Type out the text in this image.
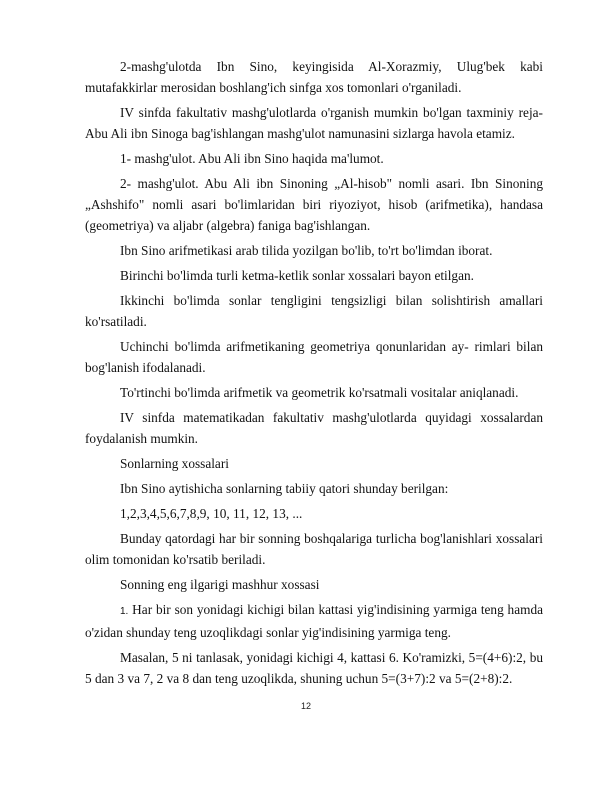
2-mashg'ulotda Ibn Sino, keyingisida Al-Xorazmiy, Ulug'bek kabi mutafakkirlar merosidan boshlang'ich sinfga xos tomonlari o'rganiladi.

IV sinfda fakultativ mashg'ulotlarda o'rganish mumkin bo'lgan taxminiy reja- Abu Ali ibn Sinoga bag'ishlangan mashg'ulot namunasini sizlarga havola etamiz.

1- mashg'ulot. Abu Ali ibn Sino haqida ma'lumot.

2- mashg'ulot. Abu Ali ibn Sinoning „Al-hisob" nomli asari. Ibn Sinoning „Ashshifo" nomli asari bo'limlaridan biri riyoziyot, hisob (arifmetika), handasa (geometriya) va aljabr (algebra) faniga bag'ishlangan.

Ibn Sino arifmetikasi arab tilida yozilgan bo'lib, to'rt bo'limdan iborat.

Birinchi bo'limda turli ketma-ketlik sonlar xossalari bayon etilgan.

Ikkinchi bo'limda sonlar tengligini tengsizligi bilan solishtirish amallari ko'rsatiladi.

Uchinchi bo'limda arifmetikaning geometriya qonunlaridan ay- rimlari bilan bog'lanish ifodalanadi.

To'rtinchi bo'limda arifmetik va geometrik ko'rsatmali vositalar aniqlanadi.

IV sinfda matematikadan fakultativ mashg'ulotlarda quyidagi xossalardan foydalanish mumkin.

Sonlarning xossalari

Ibn Sino aytishicha sonlarning tabiiy qatori shunday berilgan:

1,2,3,4,5,6,7,8,9, 10, 11, 12, 13, ...

Bunday qatordagi har bir sonning boshqalariga turlicha bog'lanishlari xossalari olim tomonidan ko'rsatib beriladi.

Sonning eng ilgarigi mashhur xossasi

1. Har bir son yonidagi kichigi bilan kattasi yig'indisining yarmiga teng hamda o'zidan shunday teng uzoqlikdagi sonlar yig'indisining yarmiga teng.

Masalan, 5 ni tanlasak, yonidagi kichigi 4, kattasi 6. Ko'ramizki, 5=(4+6):2, bu 5 dan 3 va 7, 2 va 8 dan teng uzoqlikda, shuning uchun 5=(3+7):2 va 5=(2+8):2.

12
